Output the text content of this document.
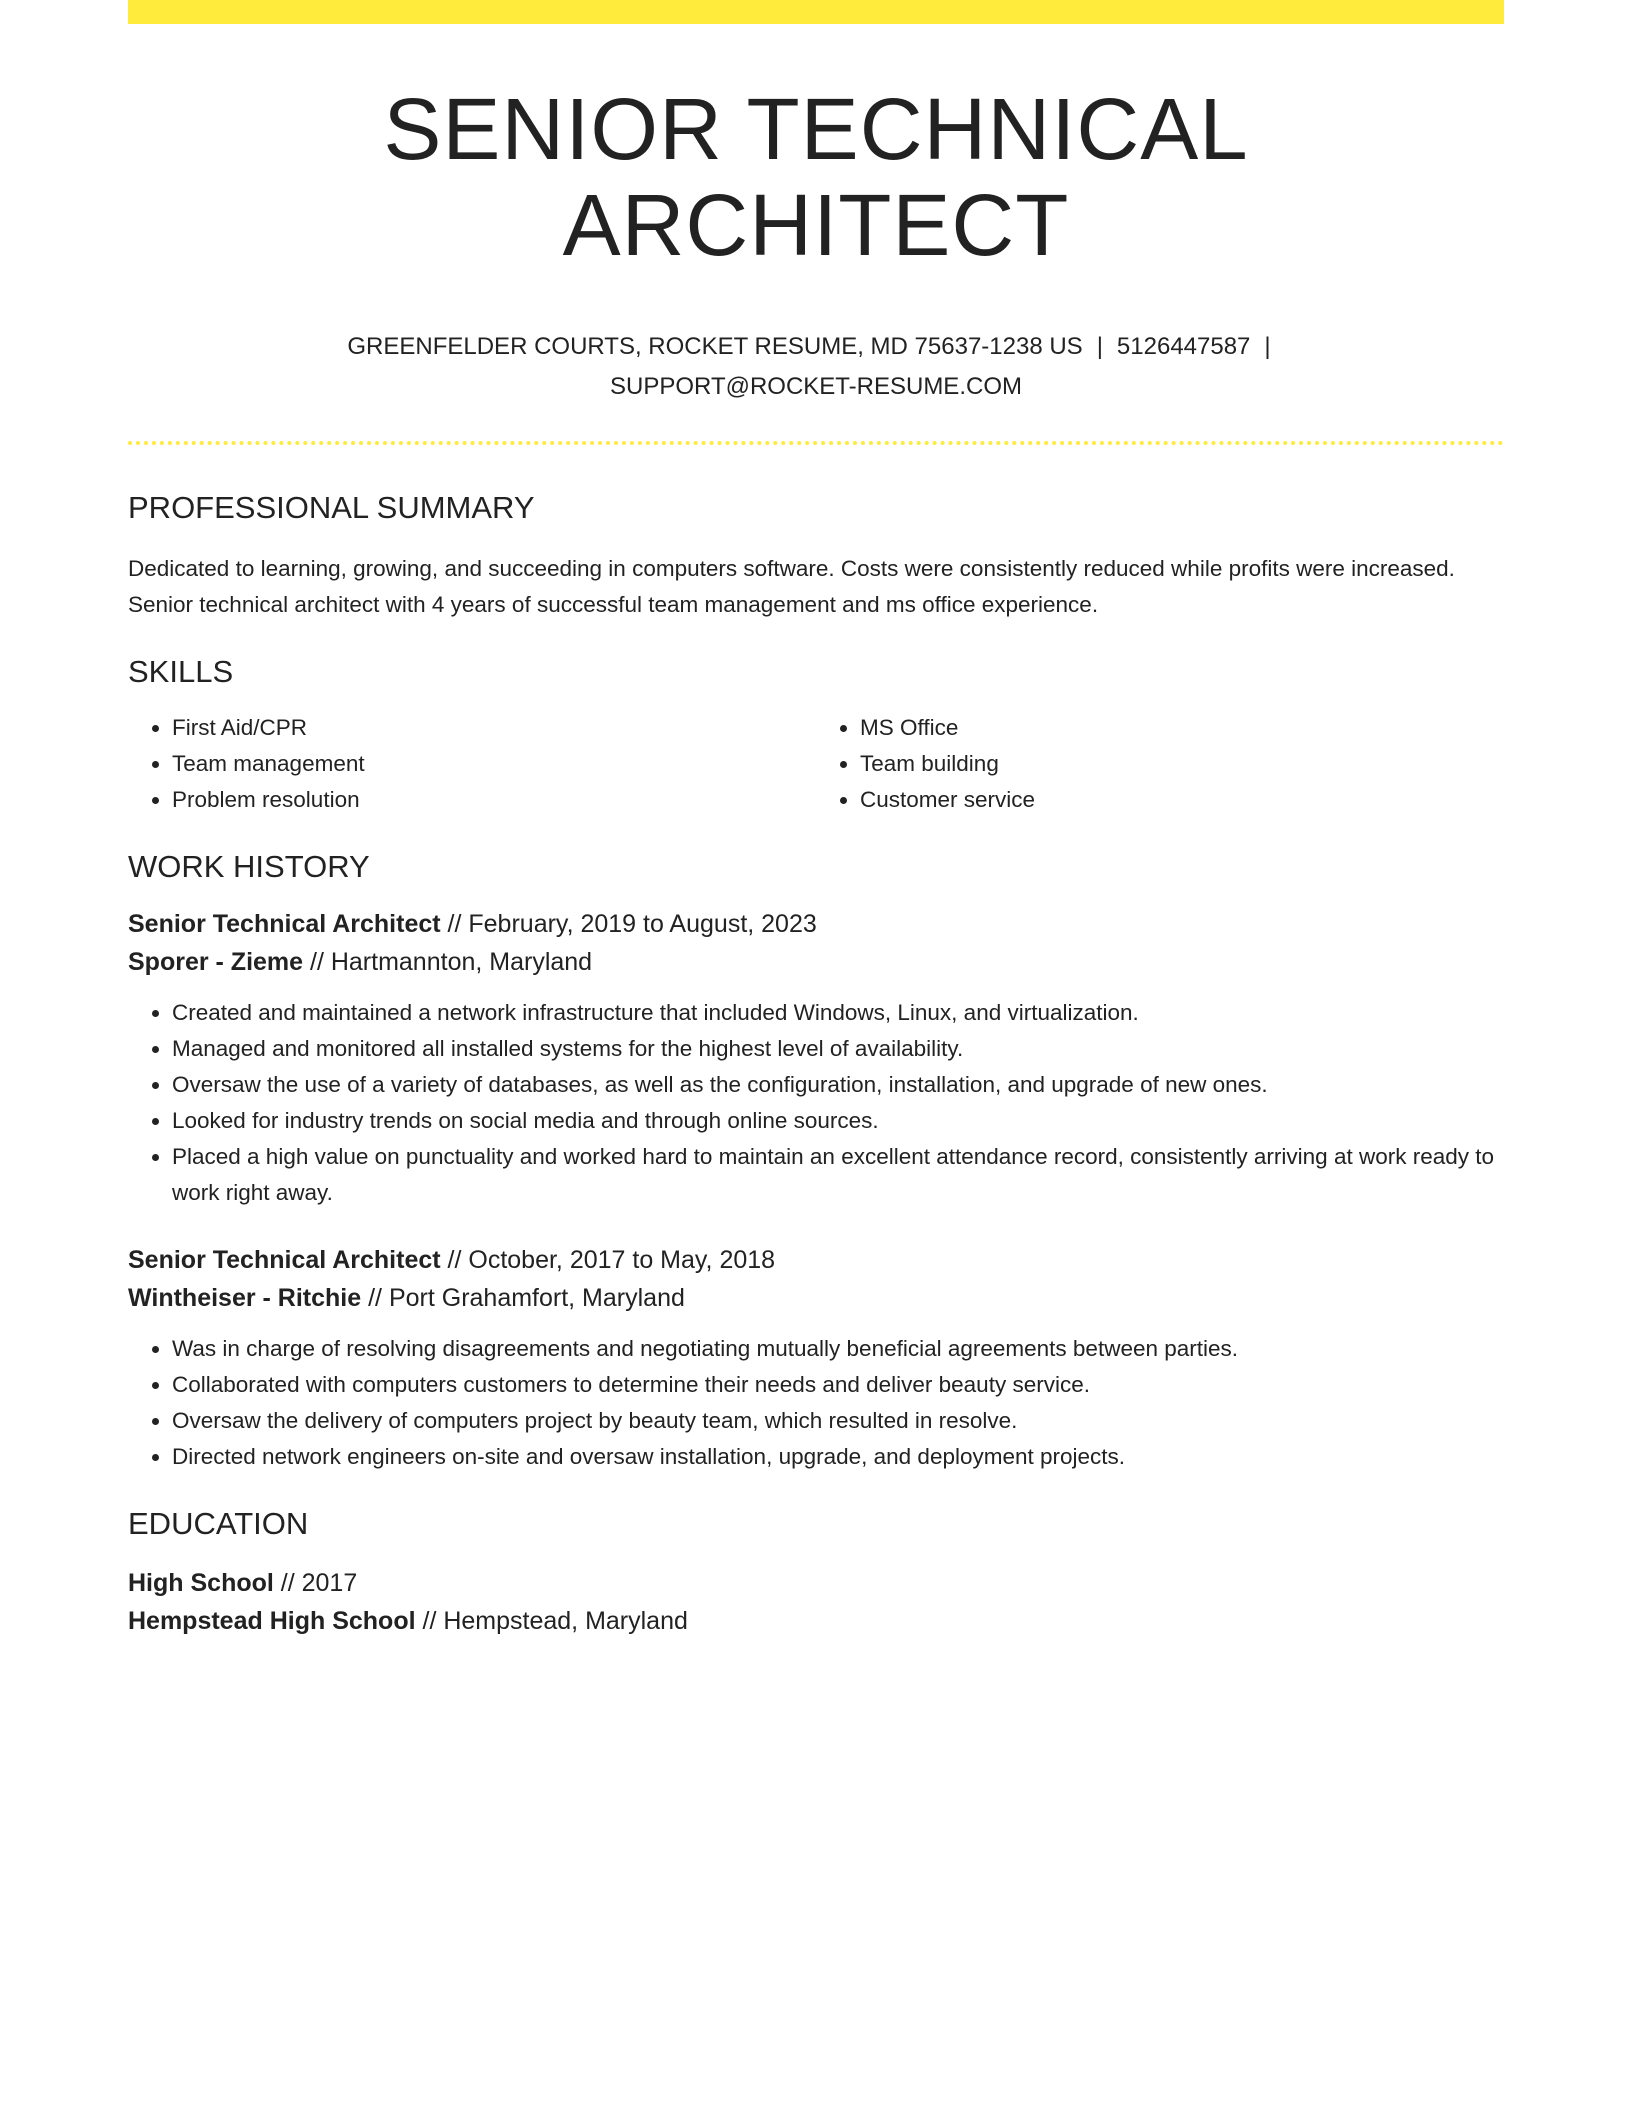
SENIOR TECHNICAL ARCHITECT
GREENFELDER COURTS, ROCKET RESUME, MD 75637-1238 US | 5126447587 |
SUPPORT@ROCKET-RESUME.COM
PROFESSIONAL SUMMARY

Dedicated to learning, growing, and succeeding in computers software. Costs were consistently reduced while profits were increased. Senior technical architect with 4 years of successful team management and ms office experience.

SKILLS
• First Aid/CPR
• Team management
• Problem resolution
• MS Office
• Team building
• Customer service
WORK HISTORY
Senior Technical Architect // February, 2019 to August, 2023
Sporer - Zieme // Hartmannton, Maryland
• Created and maintained a network infrastructure that included Windows, Linux, and virtualization.
• Managed and monitored all installed systems for the highest level of availability.
• Oversaw the use of a variety of databases, as well as the configuration, installation, and upgrade of new ones.
• Looked for industry trends on social media and through online sources.
• Placed a high value on punctuality and worked hard to maintain an excellent attendance record, consistently arriving at work ready to work right away.
Senior Technical Architect // October, 2017 to May, 2018
Wintheiser - Ritchie // Port Grahamfort, Maryland
• Was in charge of resolving disagreements and negotiating mutually beneficial agreements between parties.
• Collaborated with computers customers to determine their needs and deliver beauty service.
• Oversaw the delivery of computers project by beauty team, which resulted in resolve.
• Directed network engineers on-site and oversaw installation, upgrade, and deployment projects.
EDUCATION
High School // 2017
Hempstead High School // Hempstead, Maryland
